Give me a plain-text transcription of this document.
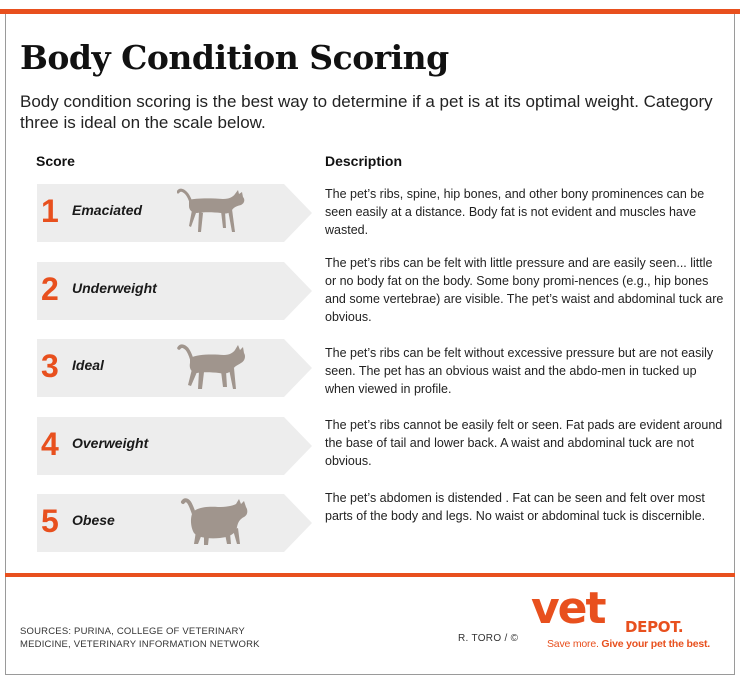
Body Condition Scoring

Body condition scoring is the best way to determine if a pet is at its optimal weight. Category three is ideal on the scale below.

Score	Description
1 Emaciated

The pet’s ribs, spine, hip bones, and other bony prominences can be seen easily at a distance. Body fat is not evident and muscles have wasted.

2 Underweight

The pet’s ribs can be felt with little pressure and are easily seen... little or no body fat on the body. Some bony promi-nences (e.g., hip bones and some vertebrae) are visible. The pet’s waist and abdominal tuck are obvious.

3 Ideal

The pet’s ribs can be felt without excessive pressure but are not easily seen. The pet has an obvious waist and the abdo-men in tucked up when viewed in profile.

4 Overweight

The pet’s ribs cannot be easily felt or seen. Fat pads are evident around the base of tail and lower back. A waist and abdominal tuck are not obvious.

5 Obese

The pet’s abdomen is distended . Fat can be seen and felt over most parts of the body and legs. No waist or abdominal tuck is discernible.

SOURCES: PURINA, COLLEGE OF VETERINARY
MEDICINE, VETERINARY INFORMATION NETWORK
R. TORO / ©
vet DEPOT.
Save more. Give your pet the best.
